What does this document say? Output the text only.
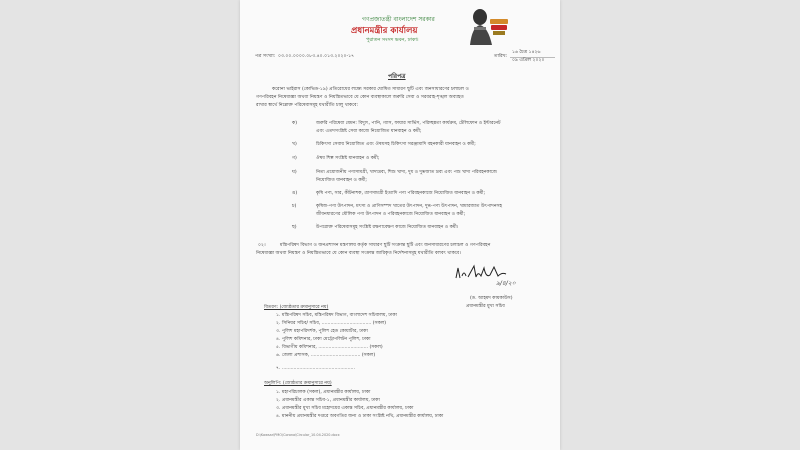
গণপ্রজাতন্ত্রী বাংলাদেশ সরকার
প্রধানমন্ত্রীর কার্যালয়
পুরাতন সংসদ ভবন, ঢাকা।
পত্র সংখ্যা: ০৩.০০.০০০০.০৮৩.৪০.০১৩.২০২০-১৭	তারিখ:
১৬ চৈত্র ১৪২৬
০৯ এপ্রিল ২০২০
পরিপত্র
করোনা ভাইরাস (কোভিড-১৯) প্রতিরোধের লক্ষ্যে সরকার ঘোষিত সাধারণ ছুটি এবং জনসাধারণের চলাচল ও
গণপরিবহন নিষেধাজ্ঞা অথবা নিয়ন্ত্রণ ও নিয়ন্ত্রিতভাবে যে কোন ব্যবস্থাকালে জরুরি সেবা ও সরবরাহ-শৃঙ্খল অব্যাহত
রাখার স্বার্থে নিম্নোক্ত পরিষেবাসমূহ যথারীতি চালু থাকবে:
ক)	জরুরি পরিষেবা যেমন: বিদ্যুৎ, পানি, গ্যাস, ফায়ার সার্ভিস, পরিচ্ছন্নতা কার্যক্রম, টেলিফোন ও ইন্টারনেট
এবং এতদসংশ্লিষ্ট সেবা কাজে নিয়োজিত যানবাহন ও কর্মী;
খ)	চিকিৎসা সেবায় নিয়োজিত এবং ঔষধসহ চিকিৎসা সরঞ্জামাদি বহনকারী যানবাহন ও কর্মী;
গ)	ঔষধ শিল্প সংশ্লিষ্ট যানবাহন ও কর্মী;
ঘ)	নিত্য প্রয়োজনীয় পণ্যসামগ্রী, খাদ্যদ্রব্য, শিশু খাদ্য, দুধ ও দুগ্ধজাত দ্রব্য এবং পশু খাদ্য পরিবহনকাজে
নিয়োজিত যানবাহন ও কর্মী;
ঙ)	কৃষি পণ্য, সার, কীটনাশক, ত্রাণসামগ্রী ইত্যাদি পণ্য পরিবহনকাজে নিয়োজিত যানবাহন ও কর্মী;
চ)	কৃষিজ-পণ্য উৎপাদন, মৎস্য ও প্রাণিসম্পদ খাতের উৎপাদন, দুগ্ধ-পণ্য উৎপাদন, খামারজাত উৎপাদনসহ
জীবনধারণের মৌলিক পণ্য উৎপাদন ও পরিবহনকাজে নিয়োজিত যানবাহন ও কর্মী;
ছ)	উপরোক্ত পরিষেবাসমূহ সংশ্লিষ্ট রক্ষণাবেক্ষণ কাজে নিয়োজিত যানবাহন ও কর্মী।
০২।	মন্ত্রিপরিষদ বিভাগ ও জনপ্রশাসন মন্ত্রণালয় কর্তৃক সাধারণ ছুটি সংক্রান্ত ছুটি এবং জনসাধারণের চলাচল ও গণপরিবহন
নিষেধাজ্ঞা অথবা নিয়ন্ত্রণ ও নিয়ন্ত্রিতভাবে যে কোন ব্যবস্থা সংক্রান্ত জারিকৃত নির্দেশনাসমূহ যথারীতি বলবৎ থাকবে।
৯/৪/২০
(ড. আহমদ কায়কাউস)
প্রধানমন্ত্রীর মুখ্য সচিব
বিতরণ: (জ্যেষ্ঠতার ক্রমানুসারে নয়)
১. মন্ত্রিপরিষদ সচিব, মন্ত্রিপরিষদ বিভাগ, বাংলাদেশ সচিবালয়, ঢাকা
২. সিনিয়র সচিব/ সচিব, .................................. (সকল)
৩. পুলিশ মহাপরিদর্শক, পুলিশ হেড কোয়ার্টার, ঢাকা
৪. পুলিশ কমিশনার, ঢাকা মেট্রোপলিটন পুলিশ, ঢাকা
৫. বিভাগীয় কমিশনার, .................................. (সকল)
৬. জেলা প্রশাসক, .................................. (সকল)
৭. ..................................................
অনুলিপি: (জ্যেষ্ঠতার ক্রমানুসারে নয়)
১. মহাপরিচালক (সকল), প্রধানমন্ত্রীর কার্যালয়, ঢাকা
২. প্রধানমন্ত্রীর একান্ত সচিব-১, প্রধানমন্ত্রীর কার্যালয়, ঢাকা
৩. প্রধানমন্ত্রীর মুখ্য সচিব মহোদয়ের একান্ত সচিব, প্রধানমন্ত্রীর কার্যালয়, ঢাকা
৪. মাননীয় প্রধানমন্ত্রীর দপ্তরে অবগতির জন্য ও ঢাকা সংশ্লিষ্ট নথি, প্রধানমন্ত্রীর কার্যালয়, ঢাকা
D:\Kawsar\PMO\Corona\Circular_10.04.2020.docx
